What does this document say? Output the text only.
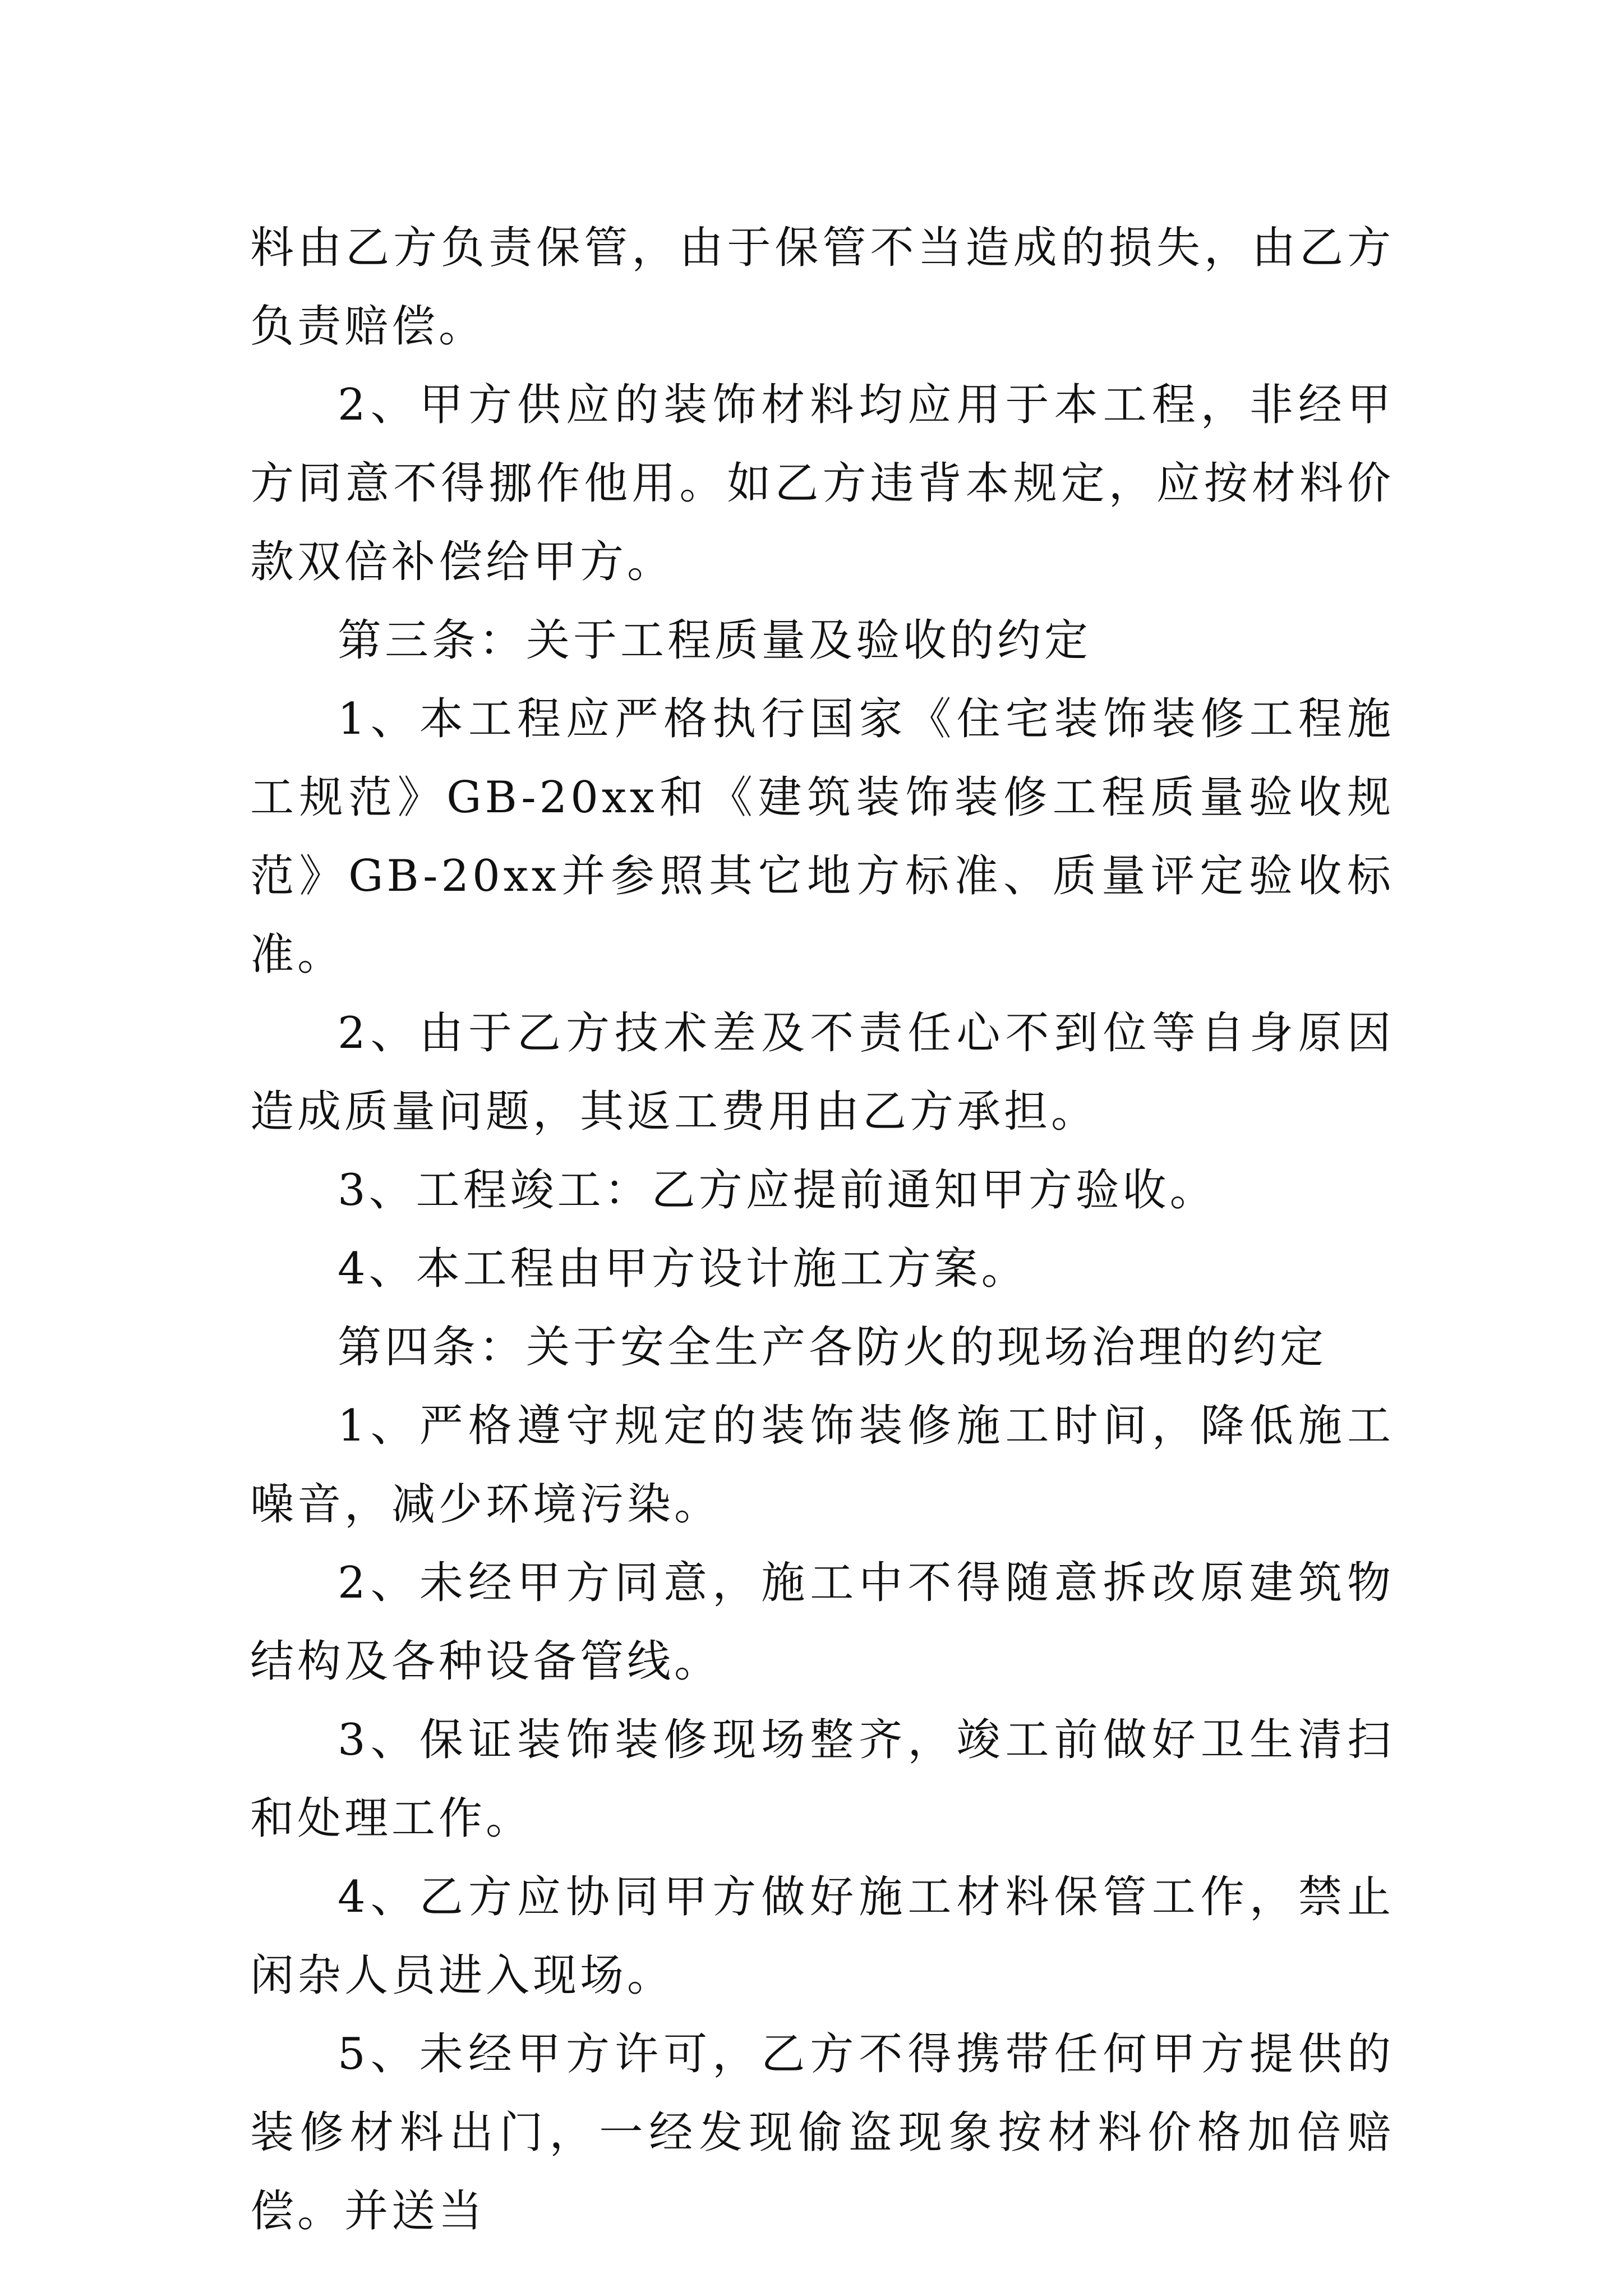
料由乙方负责保管，由于保管不当造成的损失，由乙方负责赔偿。

2、甲方供应的装饰材料均应用于本工程，非经甲方同意不得挪作他用。如乙方违背本规定，应按材料价款双倍补偿给甲方。

第三条：关于工程质量及验收的约定

1、本工程应严格执行国家《住宅装饰装修工程施工规范》GB-20xx和《建筑装饰装修工程质量验收规范》GB-20xx并参照其它地方标准、质量评定验收标准。

2、由于乙方技术差及不责任心不到位等自身原因造成质量问题，其返工费用由乙方承担。

3、工程竣工：乙方应提前通知甲方验收。

4、本工程由甲方设计施工方案。

第四条：关于安全生产各防火的现场治理的约定

1、严格遵守规定的装饰装修施工时间，降低施工噪音，减少环境污染。

2、未经甲方同意，施工中不得随意拆改原建筑物结构及各种设备管线。

3、保证装饰装修现场整齐，竣工前做好卫生清扫和处理工作。

4、乙方应协同甲方做好施工材料保管工作，禁止闲杂人员进入现场。

5、未经甲方许可，乙方不得携带任何甲方提供的装修材料出门，一经发现偷盗现象按材料价格加倍赔偿。并送当
